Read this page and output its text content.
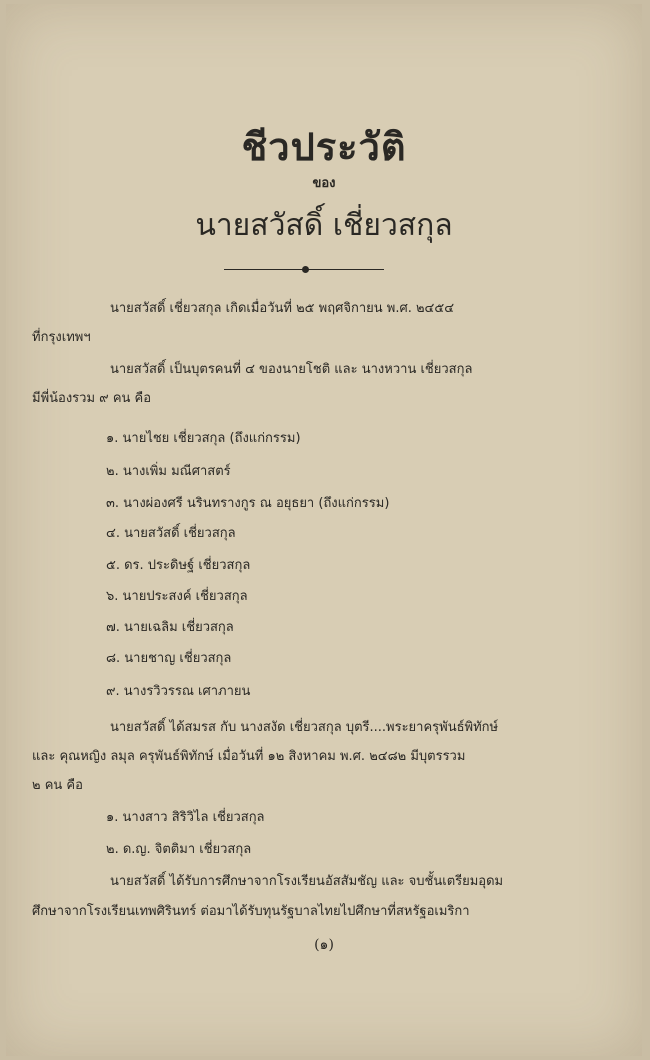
ชีวประวัติ
ของ
นายสวัสดิ์ เชี่ยวสกุล
นายสวัสดิ์ เชี่ยวสกุล เกิดเมื่อวันที่ ๒๕ พฤศจิกายน พ.ศ. ๒๔๕๔
ที่กรุงเทพฯ
นายสวัสดิ์ เป็นบุตรคนที่ ๔ ของนายโชติ และ นางหวาน เชี่ยวสกุล
มีพี่น้องรวม ๙ คน คือ
๑. นายไชย เชี่ยวสกุล (ถึงแก่กรรม)
๒. นางเพิ่ม มณีศาสตร์
๓. นางผ่องศรี นรินทรางกูร ณ อยุธยา (ถึงแก่กรรม)
๔. นายสวัสดิ์ เชี่ยวสกุล
๕. ดร. ประดิษฐ์ เชี่ยวสกุล
๖. นายประสงค์ เชี่ยวสกุล
๗. นายเฉลิม เชี่ยวสกุล
๘. นายชาญ เชี่ยวสกุล
๙. นางรวิวรรณ เศาภายน
นายสวัสดิ์ ได้สมรส กับ นางสงัด เชี่ยวสกุล บุตรี....พระยาครุพันธ์พิทักษ์
และ คุณหญิง ลมุล ครุพันธ์พิทักษ์ เมื่อวันที่ ๑๒ สิงหาคม พ.ศ. ๒๔๘๒ มีบุตรรวม
๒ คน คือ
๑. นางสาว สิริวิไล เชี่ยวสกุล
๒. ด.ญ. จิตติมา เชี่ยวสกุล
นายสวัสดิ์ ได้รับการศึกษาจากโรงเรียนอัสสัมชัญ และ จบชั้นเตรียมอุดม
ศึกษาจากโรงเรียนเทพศิรินทร์ ต่อมาได้รับทุนรัฐบาลไทยไปศึกษาที่สหรัฐอเมริกา
(๑)
